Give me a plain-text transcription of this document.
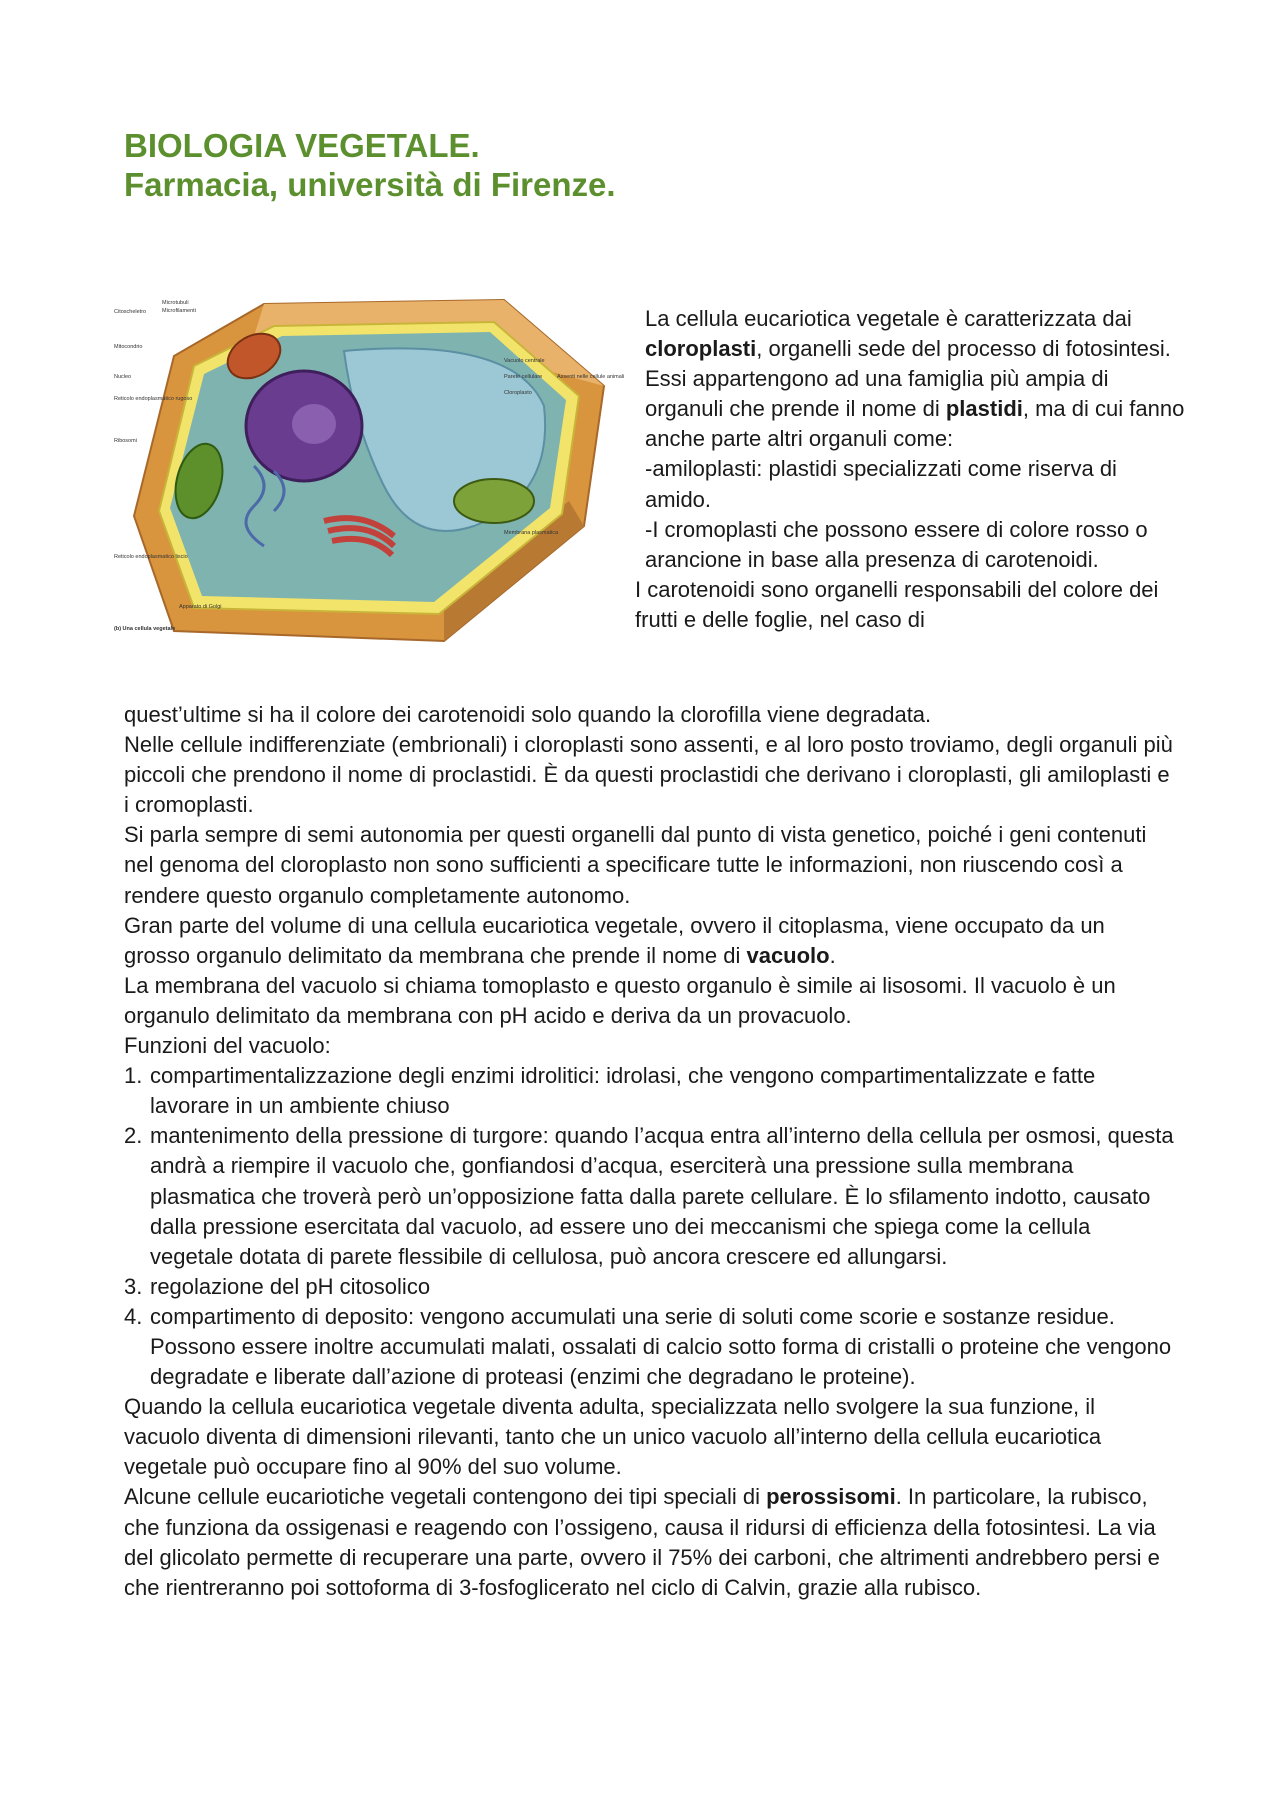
BIOLOGIA VEGETALE.
Farmacia, università di Firenze.
Citoscheletro
Microtubuli
Microfilamenti
Mitocondrio
Nucleo
Reticolo endoplasmatico rugoso
Ribosomi
Vacuolo centrale
Parete cellulare
Cloroplasto
Assenti nelle cellule animali
Membrana plasmatica
Reticolo endoplasmatico liscio
Apparato di Golgi
(b) Una cellula vegetale

La cellula eucariotica vegetale è caratterizzata dai cloroplasti, organelli sede del processo di fotosintesi. Essi appartengono ad una famiglia più ampia di organuli che prende il nome di plastidi, ma di cui fanno anche parte altri organuli come:

-amiloplasti: plastidi specializzati come riserva di amido.

-I cromoplasti che possono essere di colore rosso o arancione in base alla presenza di carotenoidi.

I carotenoidi sono organelli responsabili del colore dei frutti e delle foglie, nel caso di

quest’ultime si ha il colore dei carotenoidi solo quando la clorofilla viene degradata.

Nelle cellule indifferenziate (embrionali) i cloroplasti sono assenti, e al loro posto troviamo, degli organuli più piccoli che prendono il nome di proclastidi. È da questi proclastidi che derivano i cloroplasti, gli amiloplasti e i cromoplasti.

Si parla sempre di semi autonomia per questi organelli dal punto di vista genetico, poiché i geni contenuti nel genoma del cloroplasto non sono sufficienti a specificare tutte le informazioni, non riuscendo così a rendere questo organulo completamente autonomo.

Gran parte del volume di una cellula eucariotica vegetale, ovvero il citoplasma, viene occupato da un grosso organulo delimitato da membrana che prende il nome di vacuolo.

La membrana del vacuolo si chiama tomoplasto e questo organulo è simile ai lisosomi. Il vacuolo è un organulo delimitato da membrana con pH acido e deriva da un provacuolo.

Funzioni del vacuolo:

1. compartimentalizzazione degli enzimi idrolitici: idrolasi, che vengono compartimentalizzate e fatte lavorare in un ambiente chiuso
2. mantenimento della pressione di turgore: quando l’acqua entra all’interno della cellula per osmosi, questa andrà a riempire il vacuolo che, gonfiandosi d’acqua, eserciterà una pressione sulla membrana plasmatica che troverà però un’opposizione fatta dalla parete cellulare. È lo sfilamento indotto, causato dalla pressione esercitata dal vacuolo, ad essere uno dei meccanismi che spiega come la cellula vegetale dotata di parete flessibile di cellulosa, può ancora crescere ed allungarsi.
3. regolazione del pH citosolico
4. compartimento di deposito: vengono accumulati una serie di soluti come scorie e sostanze residue. Possono essere inoltre accumulati malati, ossalati di calcio sotto forma di cristalli o proteine che vengono degradate e liberate dall’azione di proteasi (enzimi che degradano le proteine).

Quando la cellula eucariotica vegetale diventa adulta, specializzata nello svolgere la sua funzione, il vacuolo diventa di dimensioni rilevanti, tanto che un unico vacuolo all’interno della cellula eucariotica vegetale può occupare fino al 90% del suo volume.

Alcune cellule eucariotiche vegetali contengono dei tipi speciali di perossisomi. In particolare, la rubisco, che funziona da ossigenasi e reagendo con l’ossigeno, causa il ridursi di efficienza della fotosintesi. La via del glicolato permette di recuperare una parte, ovvero il 75% dei carboni, che altrimenti andrebbero persi e che rientreranno poi sottoforma di 3-fosfoglicerato nel ciclo di Calvin, grazie alla rubisco.
